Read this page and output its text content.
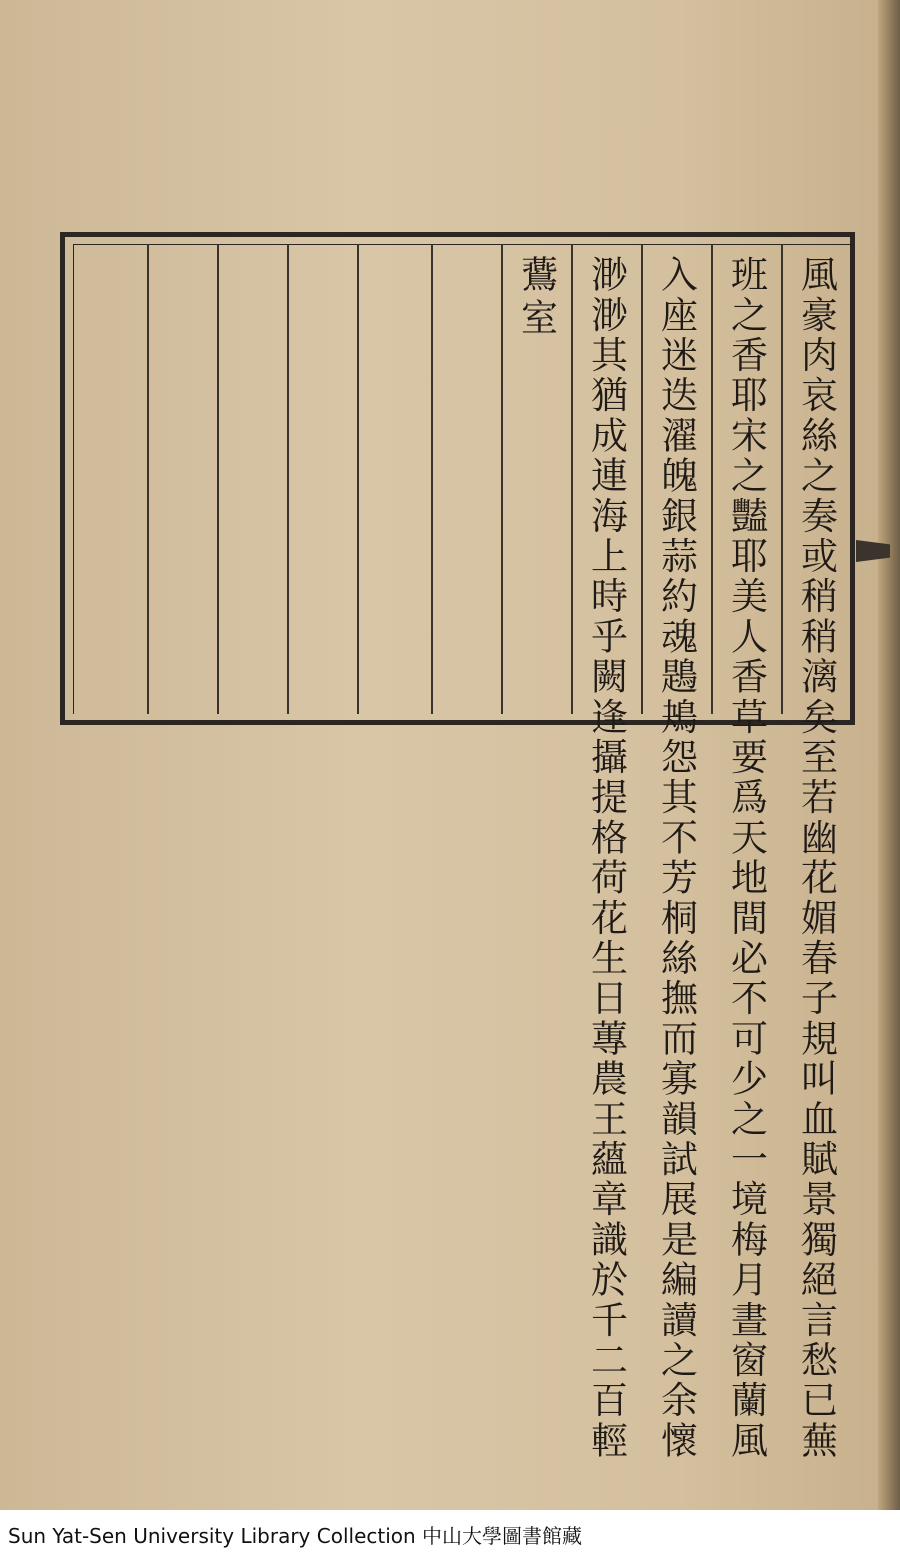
風豪肉哀絲之奏或稍稍漓矣至若幽花媚春子規叫血賦景獨絕言愁已蕪
班之香耶宋之豔耶美人香草要爲天地間必不可少之一境梅月晝窗蘭風
入座迷迭濯魄銀蒜約魂鶗鴂怨其不芳桐絲撫而寡韻試展是編讀之余懷
渺渺其猶成連海上時乎闕逢攝提格荷花生日蓴農王蘊章識於千二百輕
鷰室
Sun Yat-Sen University Library Collection 中山大學圖書館藏
